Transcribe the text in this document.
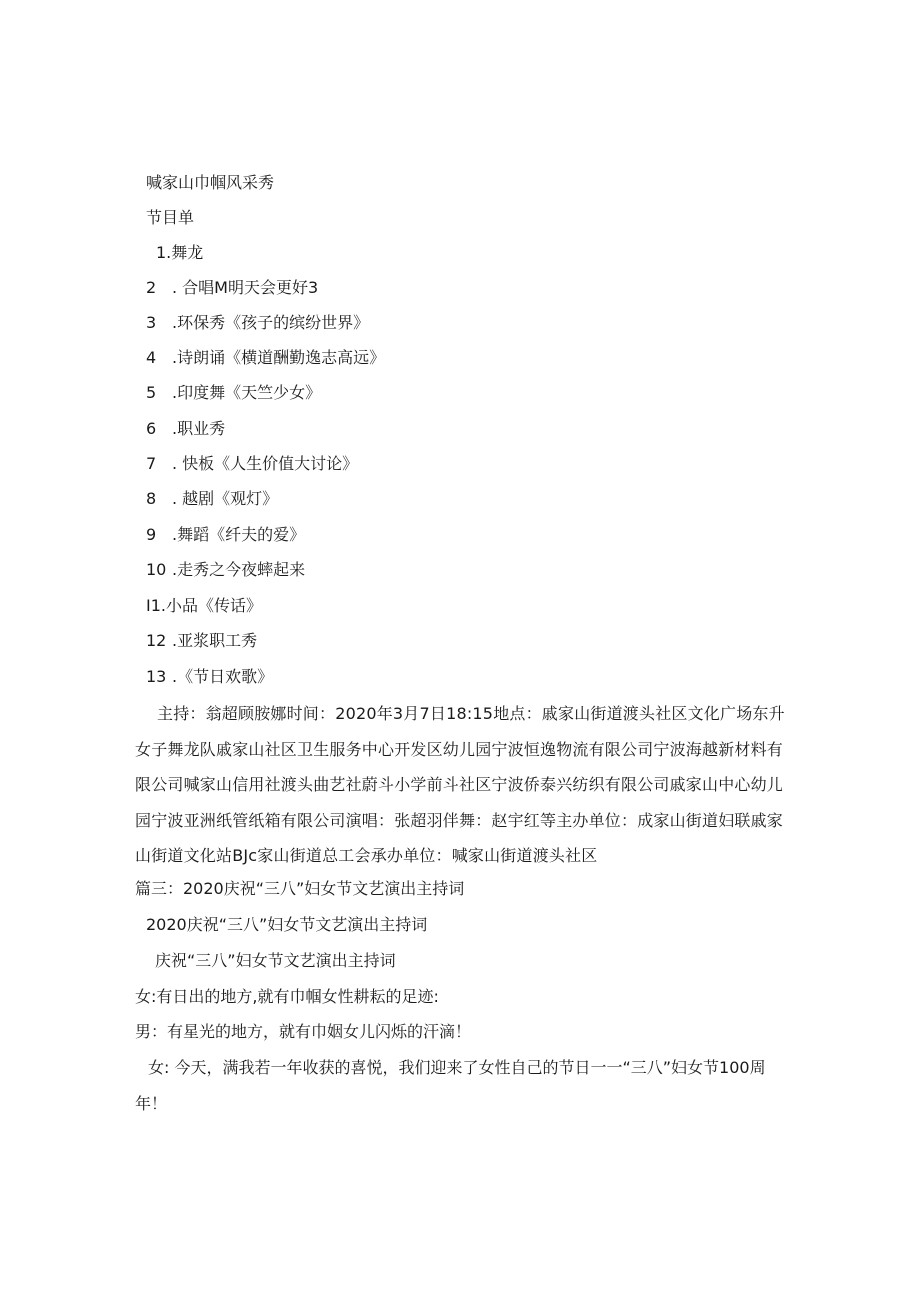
喊家山巾帼风采秀
节目单
1.舞龙
2 . 合唱M明天会更好3
3 .环保秀《孩子的缤纷世界》
4 .诗朗诵《横道酬勤逸志高远》
5 .印度舞《天竺少女》
6 .职业秀
7 . 快板《人生价值大讨论》
8 . 越剧《观灯》
9 .舞蹈《纤夫的爱》
10 .走秀之今夜蟀起来
I1.小品《传话》
12 .亚浆职工秀
13 .《节日欢歌》
主持：翁超顾胺娜时间：2020年3月7日18:15地点：戚家山街道渡头社区文化广场东升女子舞龙队戚家山社区卫生服务中心开发区幼儿园宁波恒逸物流有限公司宁波海越新材料有限公司喊家山信用社渡头曲艺社蔚斗小学前斗社区宁波侨泰兴纺织有限公司戚家山中心幼儿园宁波亚洲纸管纸箱有限公司演唱：张超羽伴舞：赵宇红等主办单位：成家山街道妇联戚家山街道文化站BJc家山街道总工会承办单位：喊家山街道渡头社区
篇三：2020庆祝“三八”妇女节文艺演出主持词
2020庆祝“三八”妇女节文艺演出主持词
庆祝“三八”妇女节文艺演出主持词
女:有日出的地方,就有巾帼女性耕耘的足迹:
男：有星光的地方，就有巾姻女儿闪烁的汗滴！
女: 今天，满我若一年收获的喜悦，我们迎来了女性自己的节日一一“三八”妇女节100周年！
